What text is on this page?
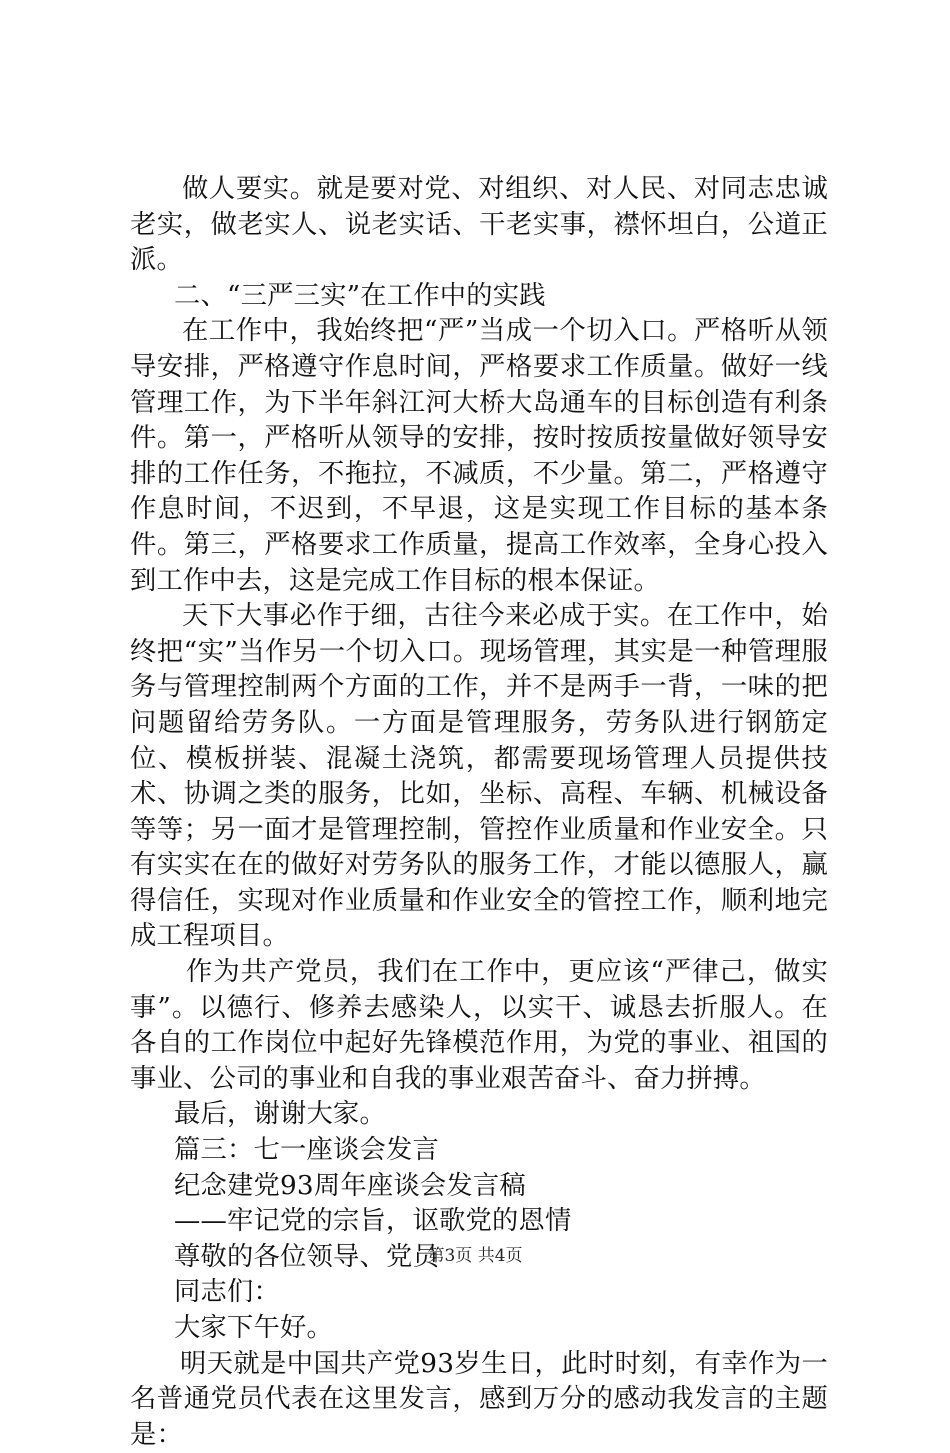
做人要实。就是要对党、对组织、对人民、对同志忠诚老实，做老实人、说老实话、干老实事，襟怀坦白，公道正派。

二、“三严三实”在工作中的实践

在工作中，我始终把“严”当成一个切入口。严格听从领导安排，严格遵守作息时间，严格要求工作质量。做好一线管理工作，为下半年斜江河大桥大岛通车的目标创造有利条件。第一，严格听从领导的安排，按时按质按量做好领导安排的工作任务，不拖拉，不减质，不少量。第二，严格遵守作息时间，不迟到，不早退，这是实现工作目标的基本条件。第三，严格要求工作质量，提高工作效率，全身心投入到工作中去，这是完成工作目标的根本保证。

天下大事必作于细，古往今来必成于实。在工作中，始终把“实”当作另一个切入口。现场管理，其实是一种管理服务与管理控制两个方面的工作，并不是两手一背，一味的把问题留给劳务队。一方面是管理服务，劳务队进行钢筋定位、模板拼装、混凝土浇筑，都需要现场管理人员提供技术、协调之类的服务，比如，坐标、高程、车辆、机械设备等等；另一面才是管理控制，管控作业质量和作业安全。只有实实在在的做好对劳务队的服务工作，才能以德服人，赢得信任，实现对作业质量和作业安全的管控工作，顺利地完成工程项目。

作为共产党员，我们在工作中，更应该“严律己，做实事”。以德行、修养去感染人，以实干、诚恳去折服人。在各自的工作岗位中起好先锋模范作用，为党的事业、祖国的事业、公司的事业和自我的事业艰苦奋斗、奋力拼搏。

最后，谢谢大家。

篇三：七一座谈会发言

纪念建党93周年座谈会发言稿

——牢记党的宗旨，讴歌党的恩情

尊敬的各位领导、党员

同志们：

大家下午好。

明天就是中国共产党93岁生日，此时时刻，有幸作为一名普通党员代表在这里发言，感到万分的感动我发言的主题是：

第3页 共4页
